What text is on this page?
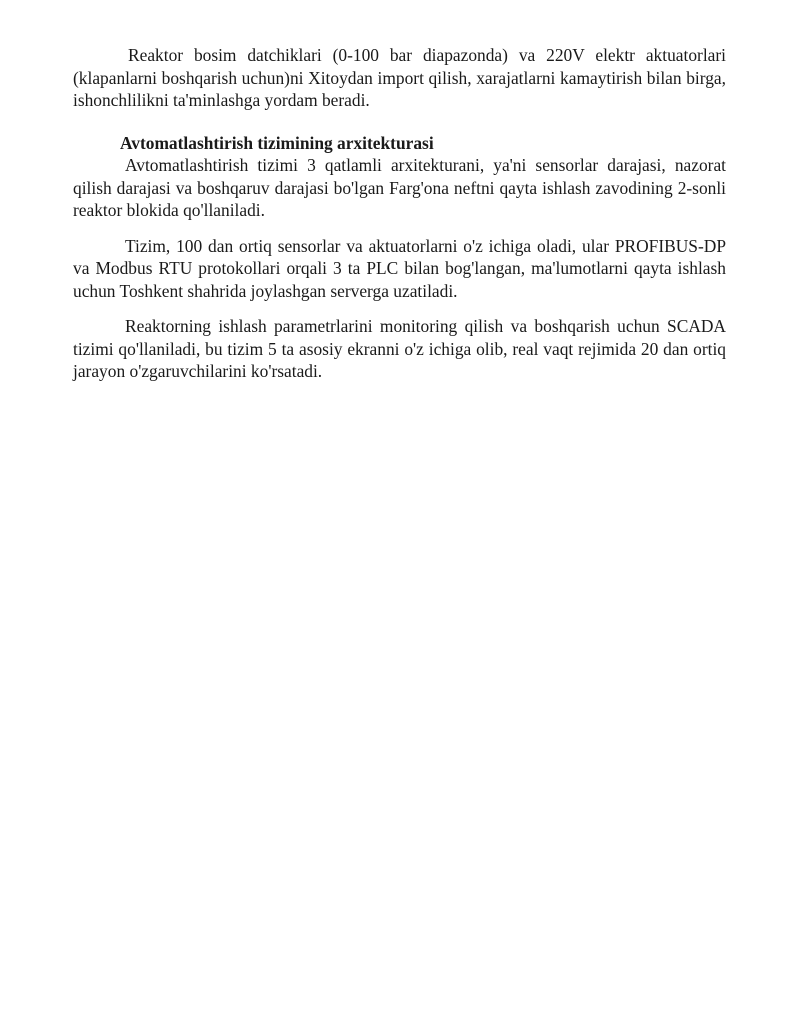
Reaktor bosim datchiklari (0-100 bar diapazonda) va 220V elektr aktuatorlari (klapanlarni boshqarish uchun)ni Xitoydan import qilish, xarajatlarni kamaytirish bilan birga, ishonchlilikni ta'minlashga yordam beradi.

Avtomatlashtirish tizimining arxitekturasi

Avtomatlashtirish tizimi 3 qatlamli arxitekturani, ya'ni sensorlar darajasi, nazorat qilish darajasi va boshqaruv darajasi bo'lgan Farg'ona neftni qayta ishlash zavodining 2-sonli reaktor blokida qo'llaniladi.

Tizim, 100 dan ortiq sensorlar va aktuatorlarni o'z ichiga oladi, ular PROFIBUS-DP va Modbus RTU protokollari orqali 3 ta PLC bilan bog'langan, ma'lumotlarni qayta ishlash uchun Toshkent shahrida joylashgan serverga uzatiladi.

Reaktorning ishlash parametrlarini monitoring qilish va boshqarish uchun SCADA tizimi qo'llaniladi, bu tizim 5 ta asosiy ekranni o'z ichiga olib, real vaqt rejimida 20 dan ortiq jarayon o'zgaruvchilarini ko'rsatadi.
